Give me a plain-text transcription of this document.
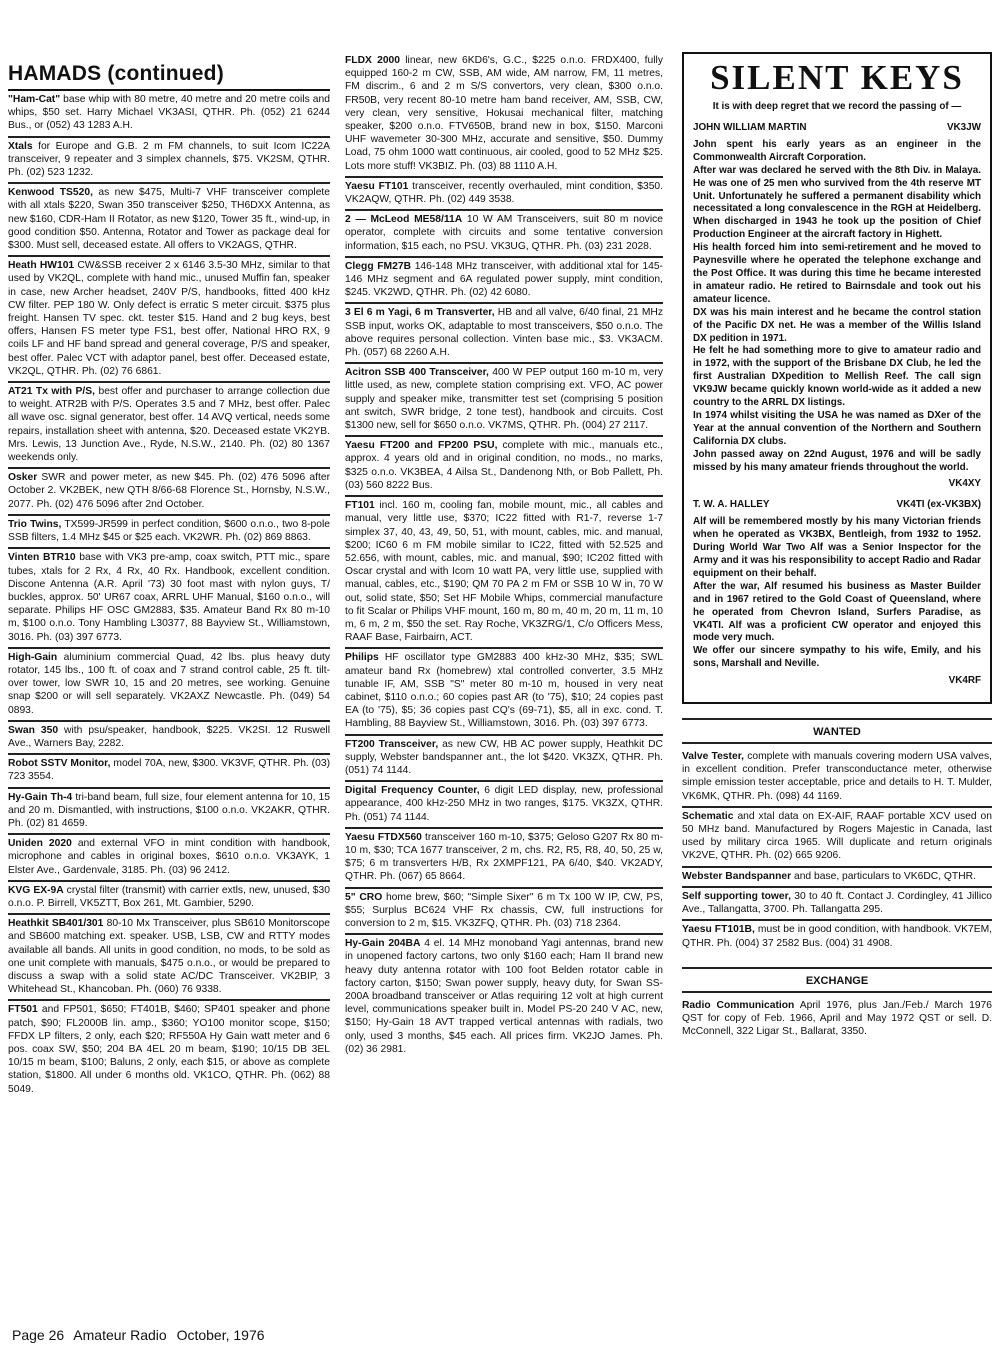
HAMADS (continued)
"Ham-Cat" base whip with 80 metre, 40 metre and 20 metre coils and whips, $50 set. Harry Michael VK3ASI, QTHR. Ph. (052) 21 6244 Bus., or (052) 43 1283 A.H.
Xtals for Europe and G.B. 2 m FM channels, to suit Icom IC22A transceiver, 9 repeater and 3 simplex channels, $75. VK2SM, QTHR. Ph. (02) 523 1232.
Kenwood TS520, as new $475, Multi-7 VHF transceiver complete with all xtals $220, Swan 350 transceiver $250, TH6DXX Antenna, as new $160, CDR-Ham II Rotator, as new $120, Tower 35 ft., wind-up, in good condition $50. Antenna, Rotator and Tower as package deal for $300. Must sell, deceased estate. All offers to VK2AGS, QTHR.
Heath HW101 CW&SSB receiver 2 x 6146 3.5-30 MHz, similar to that used by VK2QL, complete with hand mic., unused Muffin fan, speaker in case, new Archer headset, 240V P/S, handbooks, fitted 400 kHz CW filter. PEP 180 W. Only defect is erratic S meter circuit. $375 plus freight. Hansen TV spec. ckt. tester $15. Hand and 2 bug keys, best offers, Hansen FS meter type FS1, best offer, National HRO RX, 9 coils LF and HF band spread and general coverage, P/S and speaker, best offer. Palec VCT with adaptor panel, best offer. Deceased estate, VK2QL, QTHR. Ph. (02) 76 6861.
AT21 Tx with P/S, best offer and purchaser to arrange collection due to weight. ATR2B with P/S. Operates 3.5 and 7 MHz, best offer. Palec all wave osc. signal generator, best offer. 14 AVQ vertical, needs some repairs, installation sheet with antenna, $20. Deceased estate VK2YB. Mrs. Lewis, 13 Junction Ave., Ryde, N.S.W., 2140. Ph. (02) 80 1367 weekends only.
Osker SWR and power meter, as new $45. Ph. (02) 476 5096 after October 2. VK2BEK, new QTH 8/66-68 Florence St., Hornsby, N.S.W., 2077. Ph. (02) 476 5096 after 2nd October.
Trio Twins, TX599-JR599 in perfect condition, $600 o.n.o., two 8-pole SSB filters, 1.4 MHz $45 or $25 each. VK2WR. Ph. (02) 869 8863.
Vinten BTR10 base with VK3 pre-amp, coax switch, PTT mic., spare tubes, xtals for 2 Rx, 4 Rx, 40 Rx. Handbook, excellent condition. Discone Antenna (A.R. April '73) 30 foot mast with nylon guys, T/ buckles, approx. 50' UR67 coax, ARRL UHF Manual, $160 o.n.o., will separate. Philips HF OSC GM2883, $35. Amateur Band Rx 80 m-10 m, $100 o.n.o. Tony Hambling L30377, 88 Bayview St., Williamstown, 3016. Ph. (03) 397 6773.
High-Gain aluminium commercial Quad, 42 lbs. plus heavy duty rotator, 145 lbs., 100 ft. of coax and 7 strand control cable, 25 ft. tilt-over tower, low SWR 10, 15 and 20 metres, see working. Genuine snap $200 or will sell separately. VK2AXZ Newcastle. Ph. (049) 54 0893.
Swan 350 with psu/speaker, handbook, $225. VK2SI. 12 Ruswell Ave., Warners Bay, 2282.
Robot SSTV Monitor, model 70A, new, $300. VK3VF, QTHR. Ph. (03) 723 3554.
Hy-Gain Th-4 tri-band beam, full size, four element antenna for 10, 15 and 20 m. Dismantled, with instructions, $100 o.n.o. VK2AKR, QTHR. Ph. (02) 81 4659.
Uniden 2020 and external VFO in mint condition with handbook, microphone and cables in original boxes, $610 o.n.o. VK3AYK, 1 Elster Ave., Gardenvale, 3185. Ph. (03) 96 2412.
KVG EX-9A crystal filter (transmit) with carrier extls, new, unused, $30 o.n.o. P. Birrell, VK5ZTT, Box 261, Mt. Gambier, 5290.
Heathkit SB401/301 80-10 Mx Transceiver, plus SB610 Monitorscope and SB600 matching ext. speaker. USB, LSB, CW and RTTY modes available all bands. All units in good condition, no mods, to be sold as one unit complete with manuals, $475 o.n.o., or would be prepared to discuss a swap with a solid state AC/DC Transceiver. VK2BIP, 3 Whitehead St., Khancoban. Ph. (060) 76 9338.
FT501 and FP501, $650; FT401B, $460; SP401 speaker and phone patch, $90; FL2000B lin. amp., $360; YO100 monitor scope, $150; FFDX LP filters, 2 only, each $20; RF550A Hy Gain watt meter and 6 pos. coax SW, $50; 204 BA 4EL 20 m beam, $190; 10/15 DB 3EL 10/15 m beam, $100; Baluns, 2 only, each $15, or above as complete station, $1800. All under 6 months old. VK1CO, QTHR. Ph. (062) 88 5049.
FLDX 2000 linear, new 6KD6's, G.C., $225 o.n.o. FRDX400, fully equipped 160-2 m CW, SSB, AM wide, AM narrow, FM, 11 metres, FM discrim., 6 and 2 m S/S convertors, very clean, $300 o.n.o. FR50B, very recent 80-10 metre ham band receiver, AM, SSB, CW, very clean, very sensitive, Hokusai mechanical filter, matching speaker, $200 o.n.o. FTV650B, brand new in box, $150. Marconi UHF wavemeter 30-300 MHz, accurate and sensitive, $50. Dummy Load, 75 ohm 1000 watt continuous, air cooled, good to 52 MHz $25. Lots more stuff! VK3BIZ. Ph. (03) 88 1110 A.H.
Yaesu FT101 transceiver, recently overhauled, mint condition, $350. VK2AQW, QTHR. Ph. (02) 449 3538.
2 — McLeod ME58/11A 10 W AM Transceivers, suit 80 m novice operator, complete with circuits and some tentative conversion information, $15 each, no PSU. VK3UG, QTHR. Ph. (03) 231 2028.
Clegg FM27B 146-148 MHz transceiver, with additional xtal for 145-146 MHz segment and 6A regulated power supply, mint condition, $245. VK2WD, QTHR. Ph. (02) 42 6080.
3 El 6 m Yagi, 6 m Transverter, HB and all valve, 6/40 final, 21 MHz SSB input, works OK, adaptable to most transceivers, $50 o.n.o. The above requires personal collection. Vinten base mic., $3. VK3ACM. Ph. (057) 68 2260 A.H.
Acitron SSB 400 Transceiver, 400 W PEP output 160 m-10 m, very little used, as new, complete station comprising ext. VFO, AC power supply and speaker mike, transmitter test set (comprising 5 position ant switch, SWR bridge, 2 tone test), handbook and circuits. Cost $1300 new, sell for $650 o.n.o. VK7MS, QTHR. Ph. (004) 27 2117.
Yaesu FT200 and FP200 PSU, complete with mic., manuals etc., approx. 4 years old and in original condition, no mods., no marks, $325 o.n.o. VK3BEA, 4 Ailsa St., Dandenong Nth, or Bob Pallett, Ph. (03) 560 8222 Bus.
FT101 incl. 160 m, cooling fan, mobile mount, mic., all cables and manual, very little use, $370; IC22 fitted with R1-7, reverse 1-7 simplex 37, 40, 43, 49, 50, 51, with mount, cables, mic. and manual, $200; IC60 6 m FM mobile similar to IC22, fitted with 52.525 and 52.656, with mount, cables, mic. and manual, $90; IC202 fitted with Oscar crystal and with Icom 10 watt PA, very little use, supplied with manual, cables, etc., $190; QM 70 PA 2 m FM or SSB 10 W in, 70 W out, solid state, $50; Set HF Mobile Whips, commercial manufacture to fit Scalar or Philips VHF mount, 160 m, 80 m, 40 m, 20 m, 11 m, 10 m, 6 m, 2 m, $50 the set. Ray Roche, VK3ZRG/1, C/o Officers Mess, RAAF Base, Fairbairn, ACT.
Philips HF oscillator type GM2883 400 kHz-30 MHz, $35; SWL amateur band Rx (homebrew) xtal controlled converter, 3.5 MHz tunable IF, AM, SSB "S" meter 80 m-10 m, housed in very neat cabinet, $110 o.n.o.; 60 copies past AR (to '75), $10; 24 copies past EA (to '75), $5; 36 copies past CQ's (69-71), $5, all in exc. cond. T. Hambling, 88 Bayview St., Williamstown, 3016. Ph. (03) 397 6773.
FT200 Transceiver, as new CW, HB AC power supply, Heathkit DC supply, Webster bandspanner ant., the lot $420. VK3ZX, QTHR. Ph. (051) 74 1144.
Digital Frequency Counter, 6 digit LED display, new, professional appearance, 400 kHz-250 MHz in two ranges, $175. VK3ZX, QTHR. Ph. (051) 74 1144.
Yaesu FTDX560 transceiver 160 m-10, $375; Geloso G207 Rx 80 m-10 m, $30; TCA 1677 transceiver, 2 m, chs. R2, R5, R8, 40, 50, 25 w, $75; 6 m transverters H/B, Rx 2XMPF121, PA 6/40, $40. VK2ADY, QTHR. Ph. (067) 65 8664.
5" CRO home brew, $60; "Simple Sixer" 6 m Tx 100 W IP, CW, PS, $55; Surplus BC624 VHF Rx chassis, CW, full instructions for conversion to 2 m, $15. VK3ZFQ, QTHR. Ph. (03) 718 2364.
Hy-Gain 204BA 4 el. 14 MHz monoband Yagi antennas, brand new in unopened factory cartons, two only $160 each; Ham II brand new heavy duty antenna rotator with 100 foot Belden rotator cable in factory carton, $150; Swan power supply, heavy duty, for Swan SS-200A broadband transceiver or Atlas requiring 12 volt at high current level, communications speaker built in. Model PS-20 240 V AC, new, $150; Hy-Gain 18 AVT trapped vertical antennas with radials, two only, used 3 months, $45 each. All prices firm. VK2JO James. Ph. (02) 36 2981.
SILENT KEYS
It is with deep regret that we record the passing of —
JOHN WILLIAM MARTIN	VK3JW
John spent his early years as an engineer in the Commonwealth Aircraft Corporation.
After war was declared he served with the 8th Div. in Malaya. He was one of 25 men who survived from the 4th reserve MT Unit. Unfortunately he suffered a permanent disability which necessitated a long convalescence in the RGH at Heidelberg. When discharged in 1943 he took up the position of Chief Production Engineer at the aircraft factory in Highett.
His health forced him into semi-retirement and he moved to Paynesville where he operated the telephone exchange and the Post Office. It was during this time he became interested in amateur radio. He retired to Bairnsdale and took out his amateur licence.
DX was his main interest and he became the control station of the Pacific DX net. He was a member of the Willis Island DX pedition in 1971.
He felt he had something more to give to amateur radio and in 1972, with the support of the Brisbane DX Club, he led the first Australian DXpedition to Mellish Reef. The call sign VK9JW became quickly known world-wide as it added a new country to the ARRL DX listings.
In 1974 whilst visiting the USA he was named as DXer of the Year at the annual convention of the Northern and Southern California DX clubs.
John passed away on 22nd August, 1976 and will be sadly missed by his many amateur friends throughout the world.
VK4XY
T. W. A. HALLEY	VK4TI (ex-VK3BX)
Alf will be remembered mostly by his many Victorian friends when he operated as VK3BX, Bentleigh, from 1932 to 1952. During World War Two Alf was a Senior Inspector for the Army and it was his responsibility to accept Radio and Radar equipment on their behalf.
After the war, Alf resumed his business as Master Builder and in 1967 retired to the Gold Coast of Queensland, where he operated from Chevron Island, Surfers Paradise, as VK4TI. Alf was a proficient CW operator and enjoyed this mode very much.
We offer our sincere sympathy to his wife, Emily, and his sons, Marshall and Neville.
VK4RF
WANTED
Valve Tester, complete with manuals covering modern USA valves, in excellent condition. Prefer transconductance meter, otherwise simple emission tester acceptable, price and details to H. T. Mulder, VK6MK, QTHR. Ph. (098) 44 1169.
Schematic and xtal data on EX-AIF, RAAF portable XCV used on 50 MHz band. Manufactured by Rogers Majestic in Canada, last used by military circa 1965. Will duplicate and return originals VK2VE, QTHR. Ph. (02) 665 9206.
Webster Bandspanner and base, particulars to VK6DC, QTHR.
Self supporting tower, 30 to 40 ft. Contact J. Cordingley, 41 Jillico Ave., Tallangatta, 3700. Ph. Tallangatta 295.
Yaesu FT101B, must be in good condition, with handbook. VK7EM, QTHR. Ph. (004) 37 2582 Bus. (004) 31 4908.
EXCHANGE
Radio Communication April 1976, plus Jan./Feb./ March 1976 QST for copy of Feb. 1966, April and May 1972 QST or sell. D. McConnell, 322 Ligar St., Ballarat, 3350.
Page 26 Amateur Radio October, 1976
